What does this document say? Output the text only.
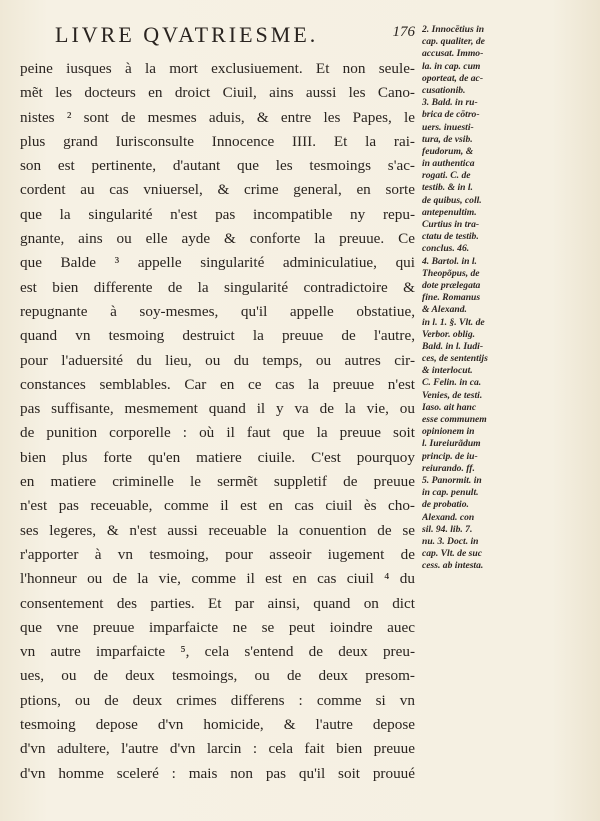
LIVRE QVATRIESME.	176
peine iusques à la mort exclusiuement. Et non seule-
mẽt les docteurs en droict Ciuil, ains aussi les Cano-
nistes ² sont de mesmes aduis, & entre les Papes, le
plus grand Iurisconsulte Innocence IIII. Et la rai-
son est pertinente, d'autant que les tesmoings s'ac-
cordent au cas vniuersel, & crime general, en sorte
que la singularité n'est pas incompatible ny repu-
gnante, ains ou elle ayde & conforte la preuue. Ce
que Balde ³ appelle singularité adminiculatiue, qui
est bien differente de la singularité contradictoire &
repugnante à soy-mesmes, qu'il appelle obstatiue,
quand vn tesmoing destruict la preuue de l'autre,
pour l'aduersité du lieu, ou du temps, ou autres cir-
constances semblables. Car en ce cas la preuue n'est
pas suffisante, mesmement quand il y va de la vie, ou
de punition corporelle : où il faut que la preuue soit
bien plus forte qu'en matiere ciuile. C'est pourquoy
en matiere criminelle le sermẽt suppletif de preuue
n'est pas receuable, comme il est en cas ciuil ès cho-
ses legeres, & n'est aussi receuable la conuention de se
r'apporter à vn tesmoing, pour asseoir iugement de
l'honneur ou de la vie, comme il est en cas ciuil ⁴ du
consentement des parties. Et par ainsi, quand on dict
que vne preuue imparfaicte ne se peut ioindre auec
vn autre imparfaicte ⁵, cela s'entend de deux preu-
ues, ou de deux tesmoings, ou de deux presom-
ptions, ou de deux crimes differens : comme si vn
tesmoing depose d'vn homicide, & l'autre depose
d'vn adultere, l'autre d'vn larcin : cela fait bien preuue
d'vn homme sceleré : mais non pas qu'il soit prouué
2. Innocētius in
cap. qualiter, de
accusat. Immo-
la. in cap. cum
oporteat, de ac-
cusationib.
3. Bald. in ru-
brica de cōtro-
uers. inuesti-
tura, de vsib.
feudorum, &
in authentica
rogati. C. de
testib. & in l.
de quibus, coll.
antepenultim.
Curtius in tra-
ctatu de testib.
conclus. 46.
4. Bartol. in l.
Theopõpus, de
dote prælegata
fine. Romanus
& Alexand.
in l. 1. §. Vlt. de
Verbor. oblig.
Bald. in l. Iudi-
ces, de sententijs
& interlocut.
C. Felin. in ca.
Venies, de testi.
Iaso. ait hanc
esse communem
opinionem in
l. Iureiurãdum
princip. de iu-
reiurando. ff.
5. Panormit. in
in cap. penult.
de probatio.
Alexand. con
sil. 94. lib. 7.
nu. 3. Doct. in
cap. Vlt. de suc
cess. ab intesta.
